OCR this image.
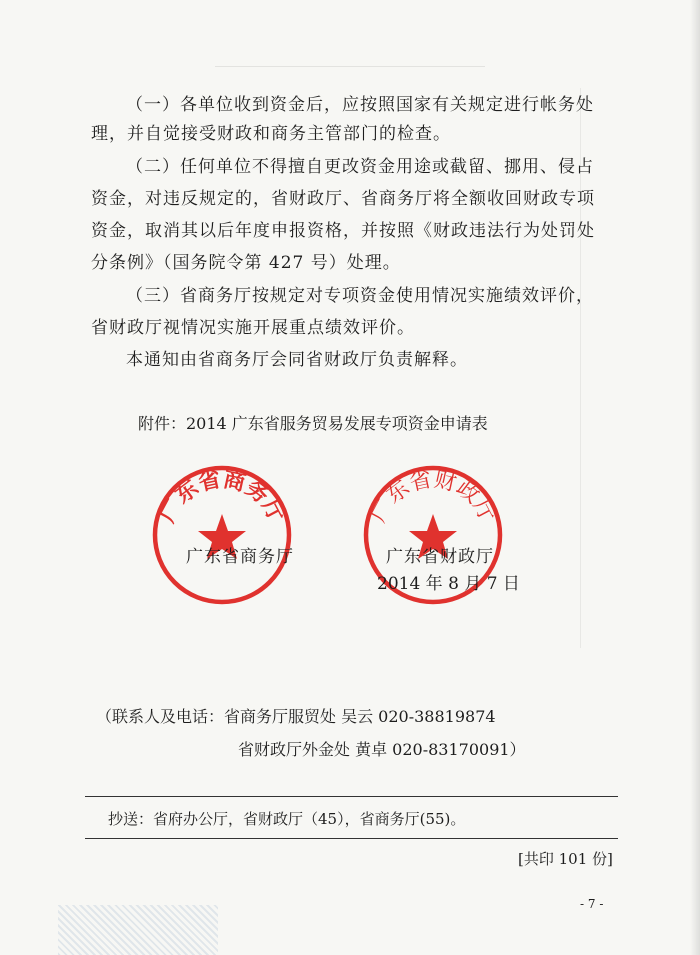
（一）各单位收到资金后，应按照国家有关规定进行帐务处
理，并自觉接受财政和商务主管部门的检查。
（二）任何单位不得擅自更改资金用途或截留、挪用、侵占
资金，对违反规定的，省财政厅、省商务厅将全额收回财政专项
资金，取消其以后年度申报资格，并按照《财政违法行为处罚处
分条例》（国务院令第 427 号）处理。
（三）省商务厅按规定对专项资金使用情况实施绩效评价，
省财政厅视情况实施开展重点绩效评价。
本通知由省商务厅会同省财政厅负责解释。
附件：2014 广东省服务贸易发展专项资金申请表
广东省商务厅
广东省商务厅
广东省财政厅
广东省财政厅
2014 年 8 月 7 日
（联系人及电话：省商务厅服贸处 吴云 020-38819874
省财政厅外金处 黄卓 020-83170091）
抄送：省府办公厅，省财政厅（45），省商务厅(55)。
[共印 101 份]
- 7 -
